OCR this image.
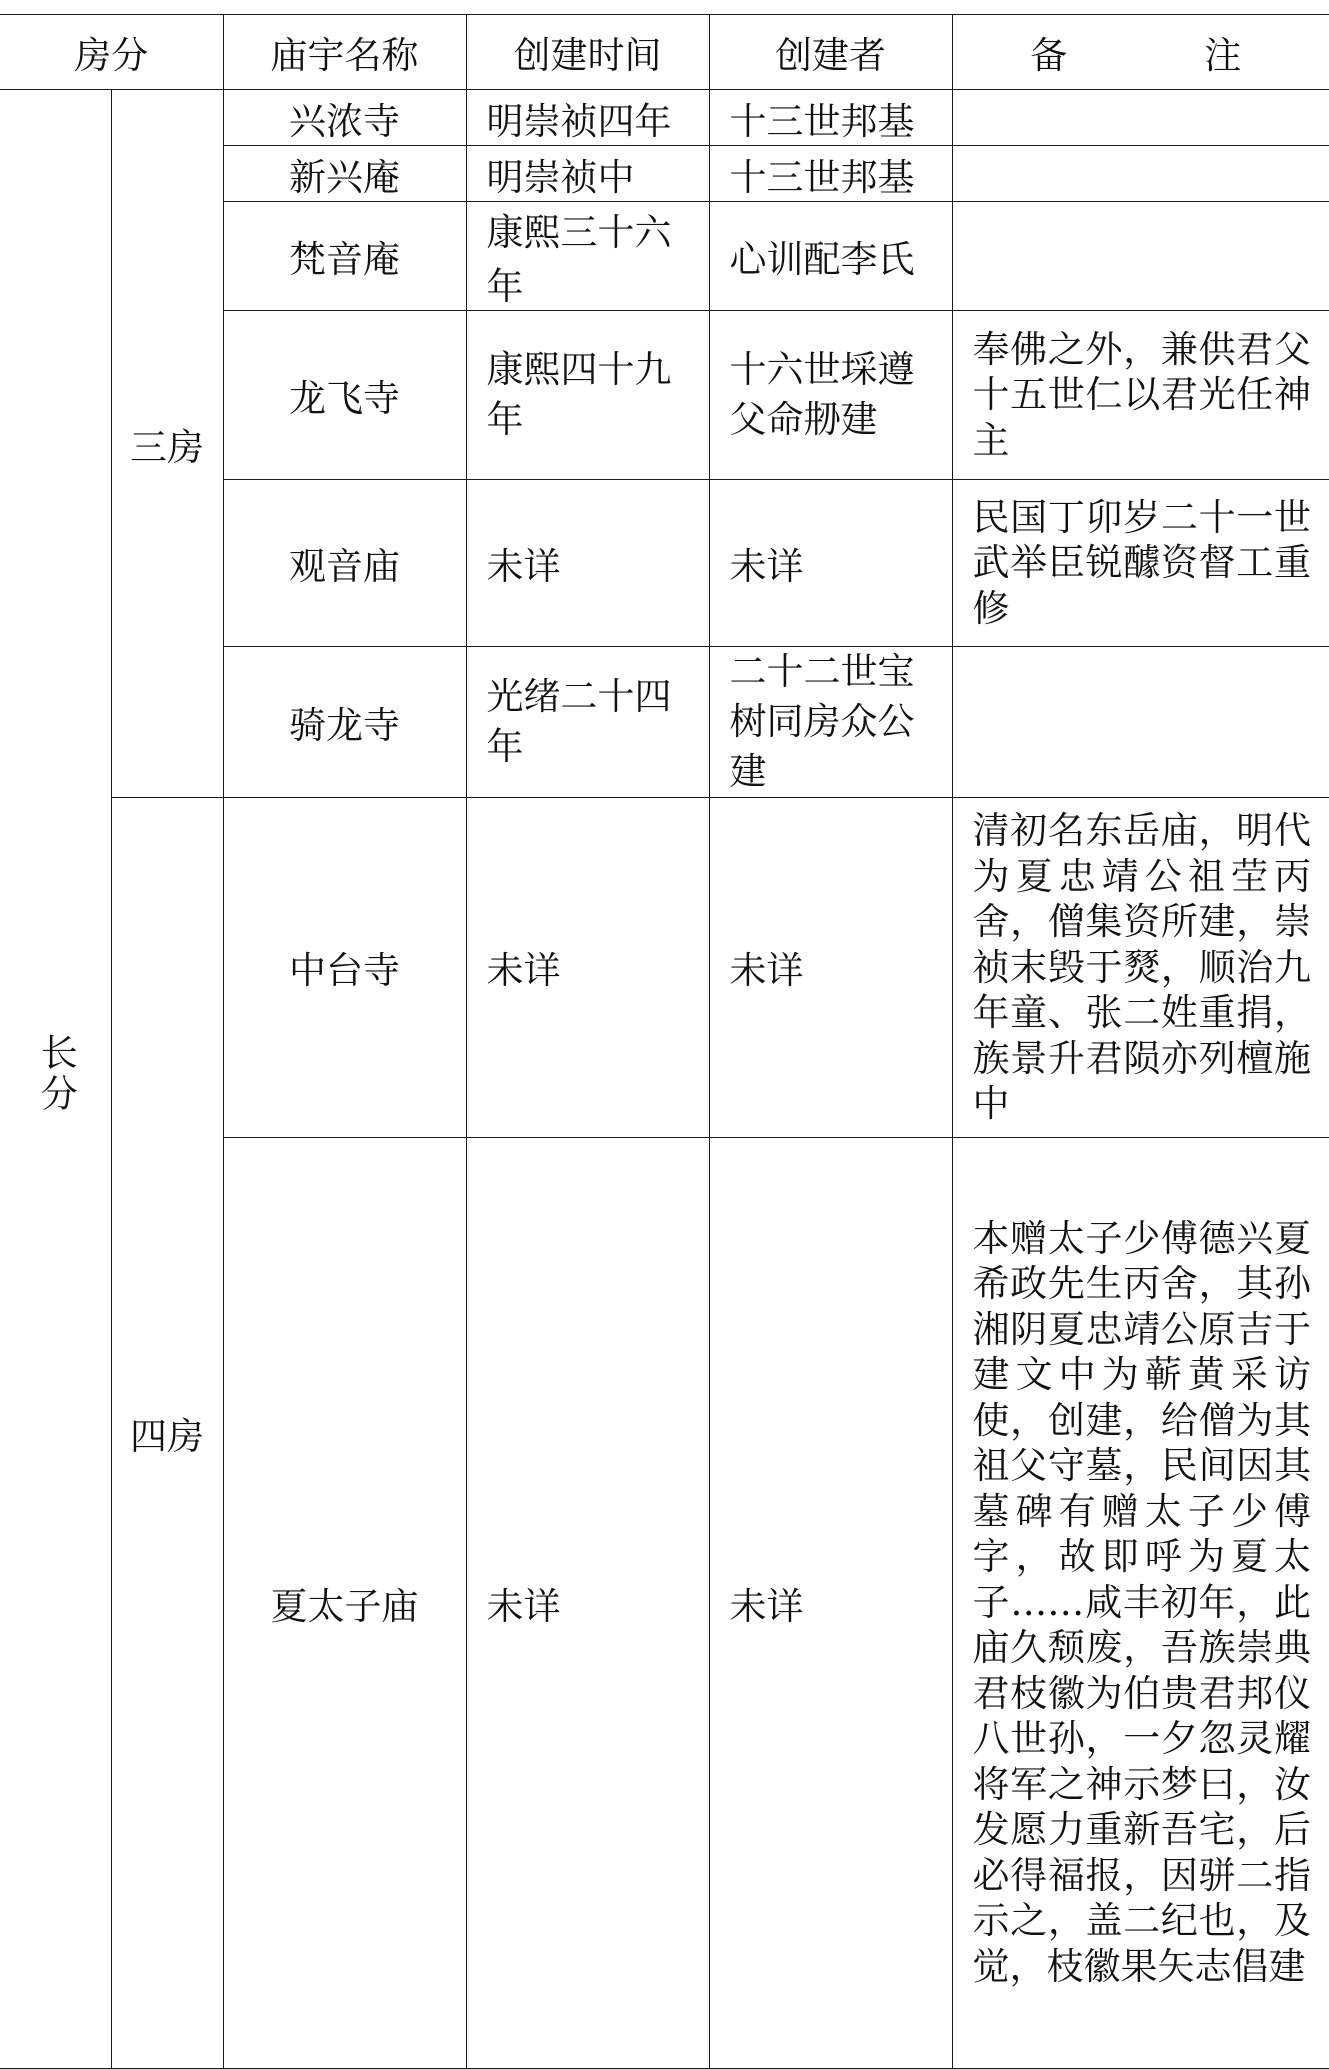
房分		庙宇名称	创建时间	创建者	备　注
长分	三房	兴浓寺	明崇祯四年	十三世邦基	
		新兴庵	明崇祯中	十三世邦基	
		梵音庵	康熙三十六年	心训配李氏	
		龙飞寺	康熙四十九年	十六世埰遵父命刱建	奉佛之外，兼供君父十五世仁以君光任神主
		观音庙	未详	未详	民国丁卯岁二十一世武举臣锐醵资督工重修
		骑龙寺	光绪二十四年	二十二世宝树同房众公建	
	四房	中台寺	未详	未详	清初名东岳庙，明代为夏忠靖公祖茔丙舍，僧集资所建，崇祯末毁于燹，顺治九年童、张二姓重捐，族景升君陨亦列檀施中
		夏太子庙	未详	未详	本赠太子少傅德兴夏希政先生丙舍，其孙湘阴夏忠靖公原吉于建文中为蕲黄采访使，创建，给僧为其祖父守墓，民间因其墓碑有赠太子少傅字，故即呼为夏太子……咸丰初年，此庙久颓废，吾族崇典君枝徽为伯贵君邦仪八世孙，一夕忽灵耀将军之神示梦曰，汝发愿力重新吾宅，后必得福报，因骈二指示之，盖二纪也，及觉，枝徽果矢志倡建
